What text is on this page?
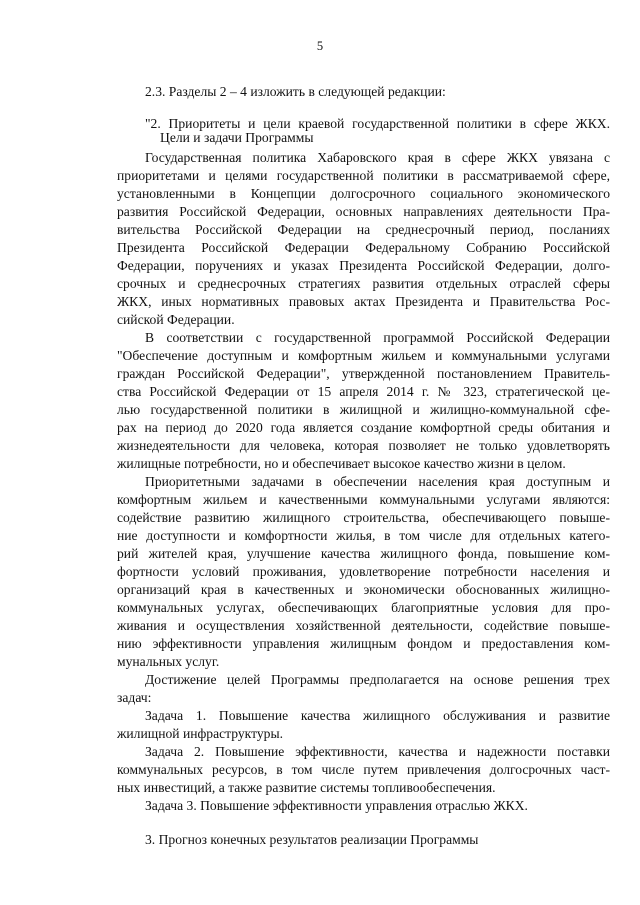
5
2.3. Разделы 2 – 4 изложить в следующей редакции:
"2. Приоритеты и цели краевой государственной политики в сфере ЖКХ.
Цели и задачи Программы
Государственная политика Хабаровского края в сфере ЖКХ увязана с
приоритетами и целями государственной политики в рассматриваемой сфере,
установленными в Концепции долгосрочного социального экономического
развития Российской Федерации, основных направлениях деятельности Пра-
вительства Российской Федерации на среднесрочный период, посланиях
Президента Российской Федерации Федеральному Собранию Российской
Федерации, поручениях и указах Президента Российской Федерации, долго-
срочных и среднесрочных стратегиях развития отдельных отраслей сферы
ЖКХ, иных нормативных правовых актах Президента и Правительства Рос-
сийской Федерации.
В соответствии с государственной программой Российской Федерации
"Обеспечение доступным и комфортным жильем и коммунальными услугами
граждан Российской Федерации", утвержденной постановлением Правитель-
ства Российской Федерации от 15 апреля 2014 г. № 323, стратегической це-
лью государственной политики в жилищной и жилищно-коммунальной сфе-
рах на период до 2020 года является создание комфортной среды обитания и
жизнедеятельности для человека, которая позволяет не только удовлетворять
жилищные потребности, но и обеспечивает высокое качество жизни в целом.
Приоритетными задачами в обеспечении населения края доступным и
комфортным жильем и качественными коммунальными услугами являются:
содействие развитию жилищного строительства, обеспечивающего повыше-
ние доступности и комфортности жилья, в том числе для отдельных катего-
рий жителей края, улучшение качества жилищного фонда, повышение ком-
фортности условий проживания, удовлетворение потребности населения и
организаций края в качественных и экономически обоснованных жилищно-
коммунальных услугах, обеспечивающих благоприятные условия для про-
живания и осуществления хозяйственной деятельности, содействие повыше-
нию эффективности управления жилищным фондом и предоставления ком-
мунальных услуг.
Достижение целей Программы предполагается на основе решения трех
задач:
Задача 1. Повышение качества жилищного обслуживания и развитие
жилищной инфраструктуры.
Задача 2. Повышение эффективности, качества и надежности поставки
коммунальных ресурсов, в том числе путем привлечения долгосрочных част-
ных инвестиций, а также развитие системы топливообеспечения.
Задача 3. Повышение эффективности управления отраслью ЖКХ.
3. Прогноз конечных результатов реализации Программы
